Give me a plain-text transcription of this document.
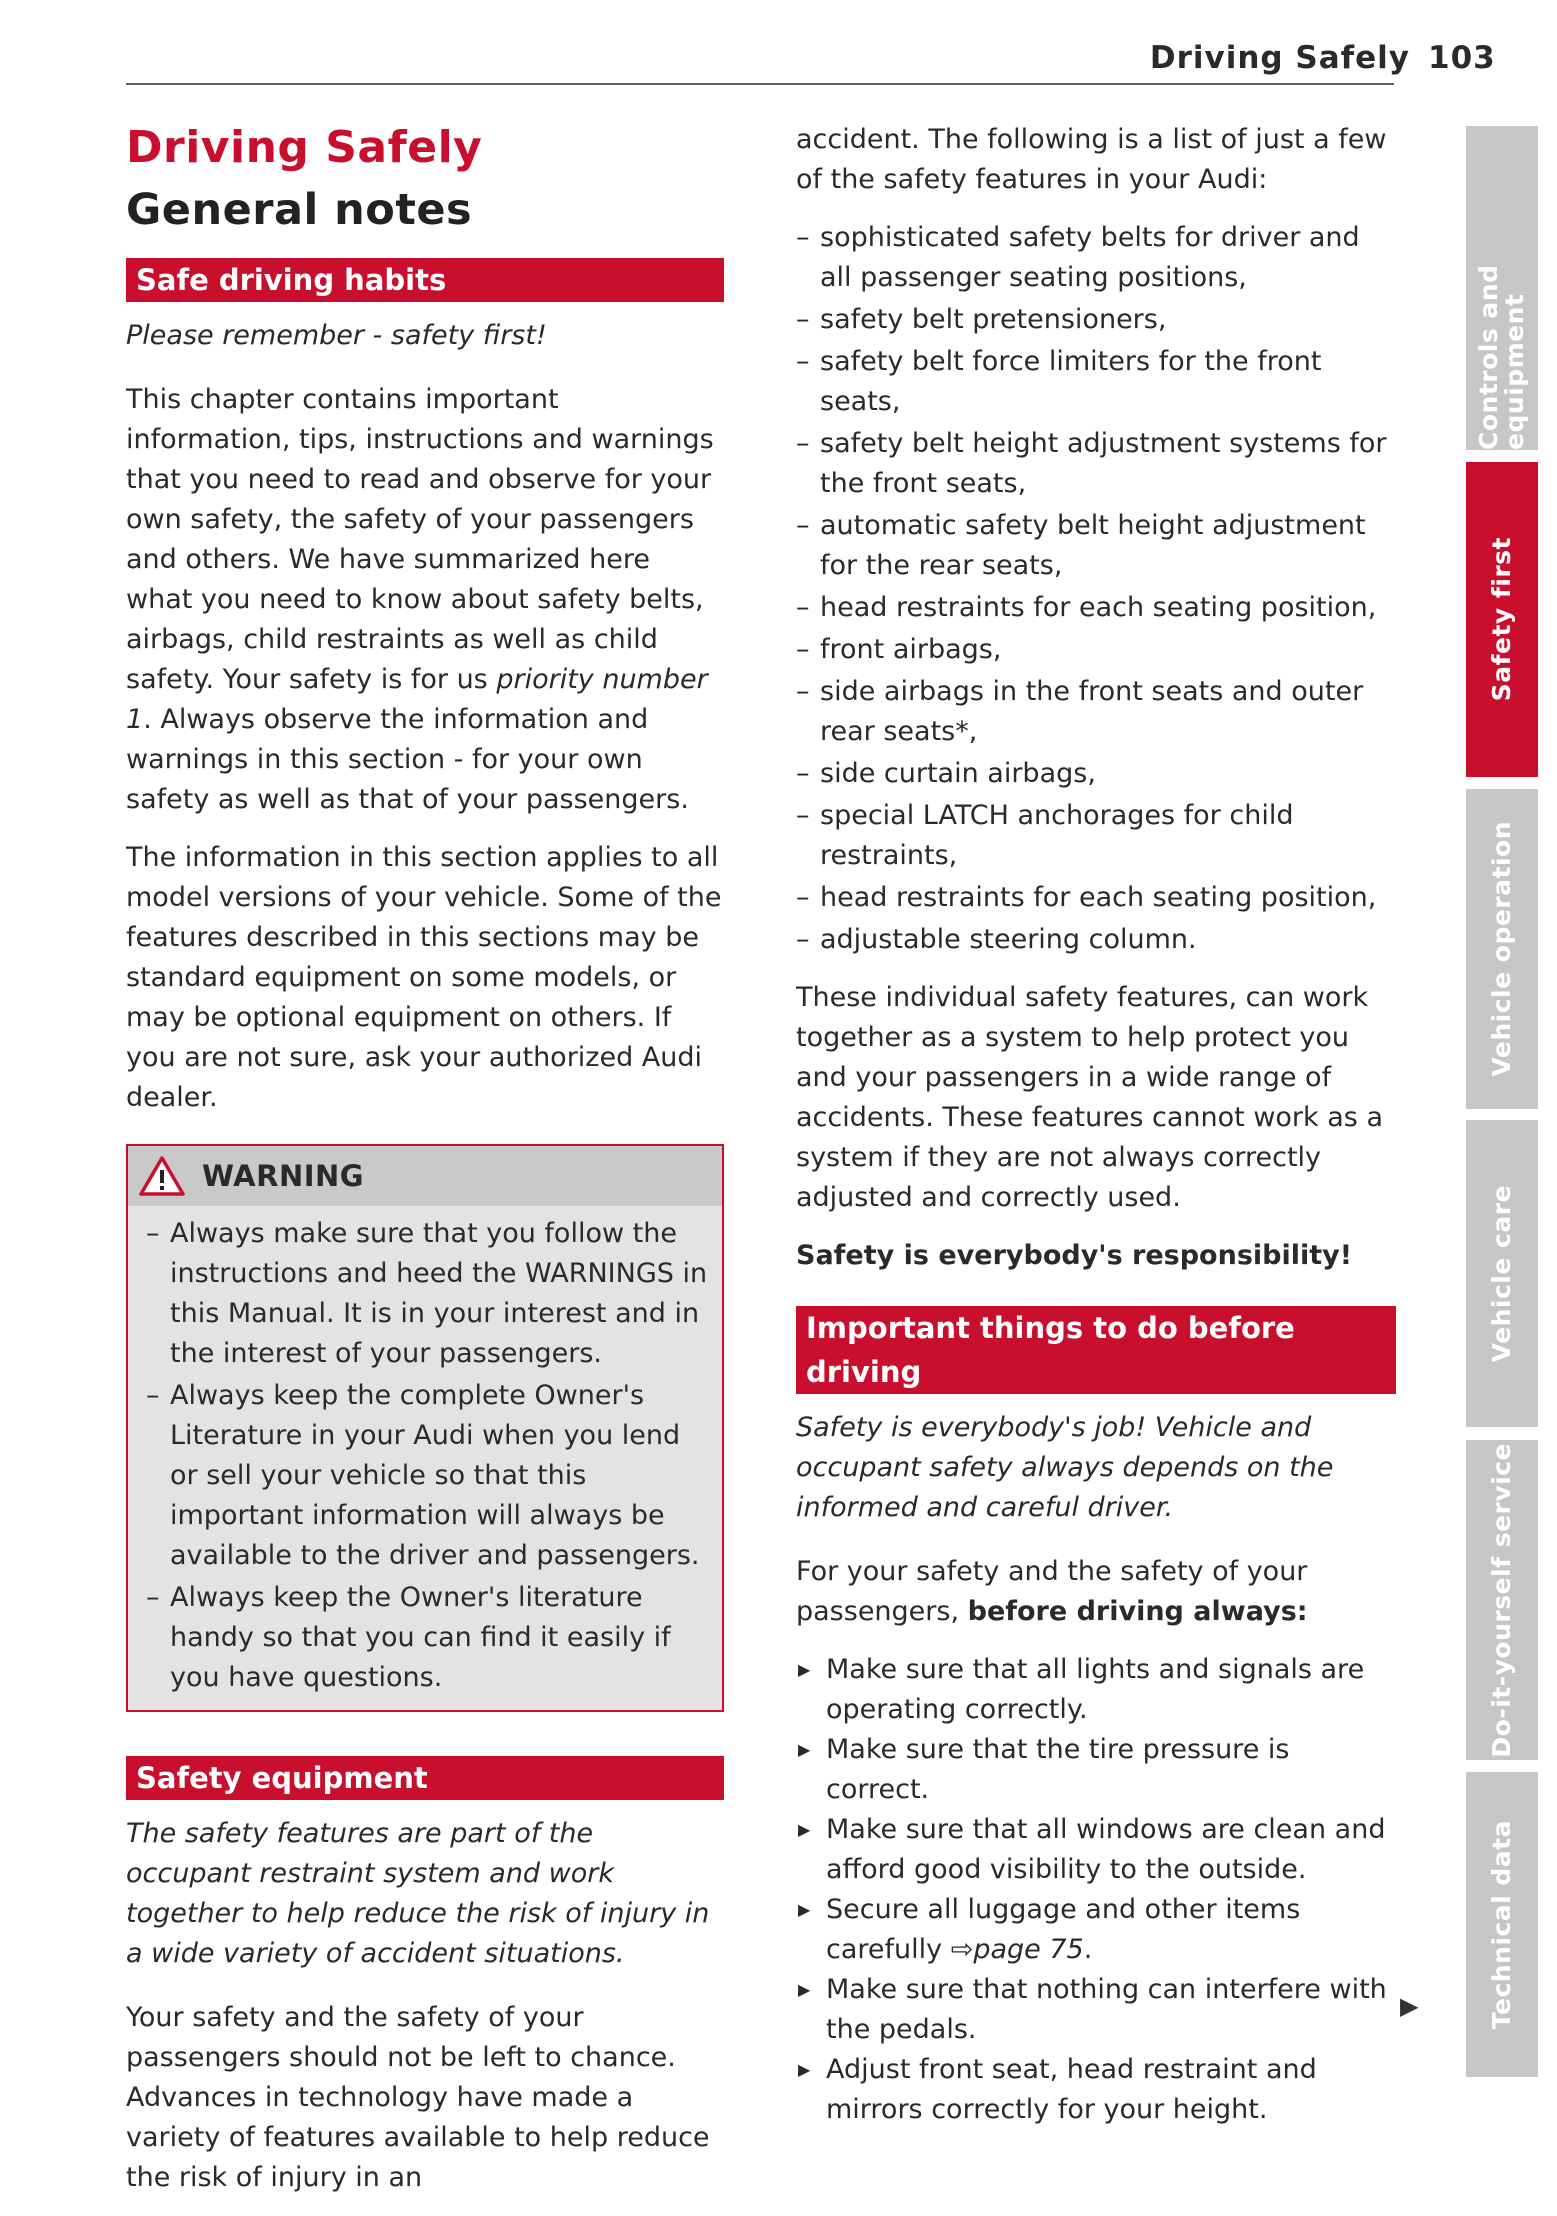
Driving Safely 103
Driving Safely
General notes
Safe driving habits

Please remember - safety first!

This chapter contains important information, tips, instructions and warnings that you need to read and observe for your own safety, the safety of your passengers and others. We have summarized here what you need to know about safety belts, airbags, child restraints as well as child safety. Your safety is for us priority number 1. Always observe the information and warnings in this section - for your own safety as well as that of your passengers.

The information in this section applies to all model versions of your vehicle. Some of the features described in this sections may be standard equipment on some models, or may be optional equipment on others. If you are not sure, ask your authorized Audi dealer.

WARNING
– Always make sure that you follow the instructions and heed the WARNINGS in this Manual. It is in your interest and in the interest of your passengers.
– Always keep the complete Owner's Literature in your Audi when you lend or sell your vehicle so that this important information will always be available to the driver and passengers.
– Always keep the Owner's literature handy so that you can find it easily if you have questions.
Safety equipment

The safety features are part of the occupant restraint system and work together to help reduce the risk of injury in a wide variety of accident situations.

Your safety and the safety of your passengers should not be left to chance. Advances in technology have made a variety of features available to help reduce the risk of injury in an

accident. The following is a list of just a few of the safety features in your Audi:

– sophisticated safety belts for driver and all passenger seating positions,
– safety belt pretensioners,
– safety belt force limiters for the front seats,
– safety belt height adjustment systems for the front seats,
– automatic safety belt height adjustment for the rear seats,
– head restraints for each seating position,
– front airbags,
– side airbags in the front seats and outer rear seats*,
– side curtain airbags,
– special LATCH anchorages for child restraints,
– head restraints for each seating position,
– adjustable steering column.

These individual safety features, can work together as a system to help protect you and your passengers in a wide range of accidents. These features cannot work as a system if they are not always correctly adjusted and correctly used.

Safety is everybody's responsibility!

Important things to do before driving

Safety is everybody's job! Vehicle and occupant safety always depends on the informed and careful driver.

For your safety and the safety of your passengers, before driving always:

▶ Make sure that all lights and signals are operating correctly.
▶ Make sure that the tire pressure is correct.
▶ Make sure that all windows are clean and afford good visibility to the outside.
▶ Secure all luggage and other items carefully ⇨page 75.
▶ Make sure that nothing can interfere with the pedals.
▶ Adjust front seat, head restraint and mirrors correctly for your height.
▶
Controls and equipment
Safety first
Vehicle operation
Vehicle care
Do-it-yourself service
Technical data
